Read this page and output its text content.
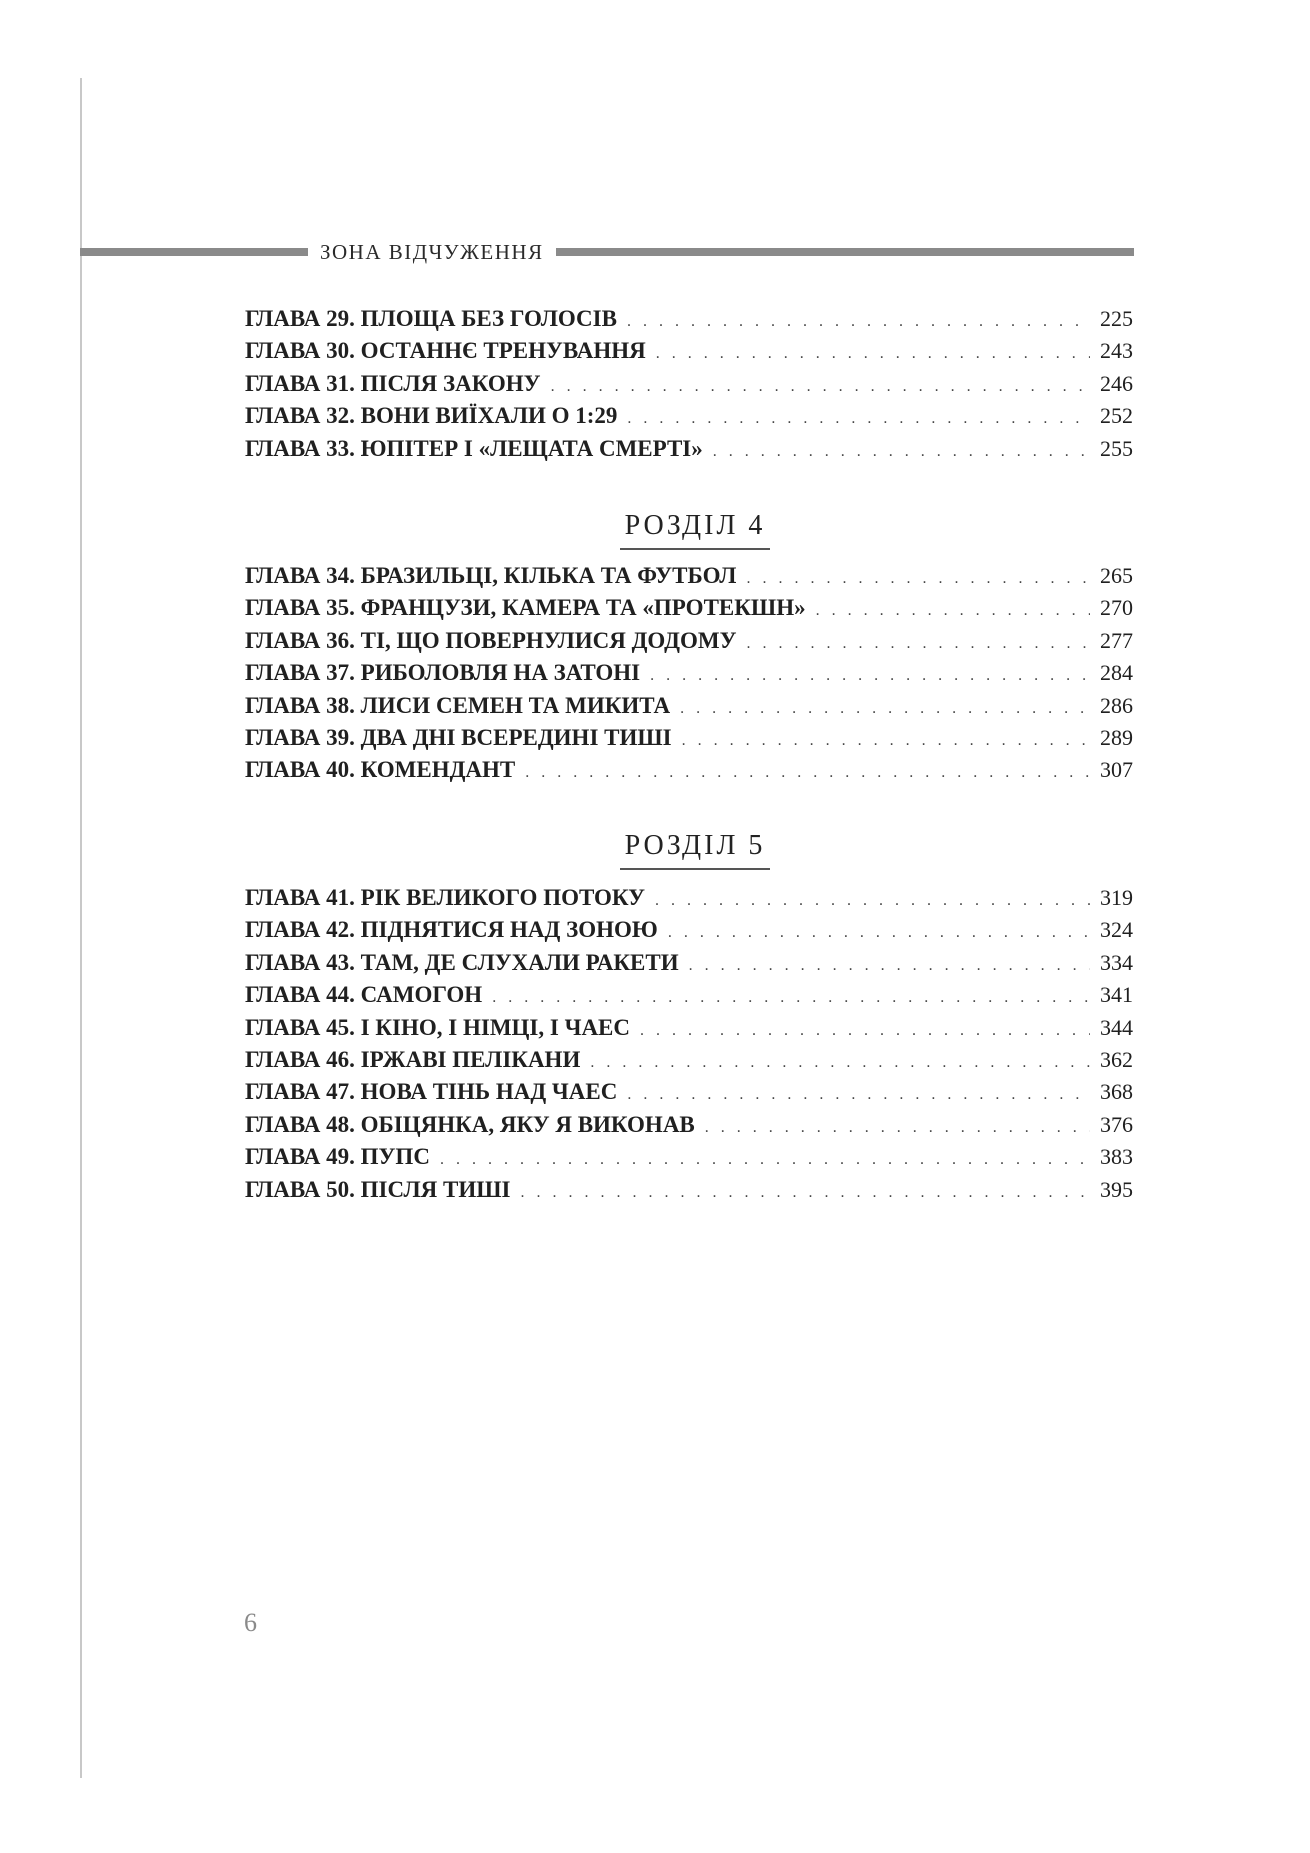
ЗОНА ВІДЧУЖЕННЯ
ГЛАВА 29. ПЛОЩА БЕЗ ГОЛОСІВ . . .	225
ГЛАВА 30. ОСТАННЄ ТРЕНУВАННЯ . . .	243
ГЛАВА 31. ПІСЛЯ ЗАКОНУ . . .	246
ГЛАВА 32. ВОНИ ВИЇХАЛИ О 1:29 . . .	252
ГЛАВА 33. ЮПІТЕР І «ЛЕЩАТА СМЕРТІ» . . .	255
РОЗДІЛ 4
ГЛАВА 34. БРАЗИЛЬЦІ, КІЛЬКА ТА ФУТБОЛ . . .	265
ГЛАВА 35. ФРАНЦУЗИ, КАМЕРА ТА «ПРОТЕКШН» . . .	270
ГЛАВА 36. ТІ, ЩО ПОВЕРНУЛИСЯ ДОДОМУ . . .	277
ГЛАВА 37. РИБОЛОВЛЯ НА ЗАТОНІ . . .	284
ГЛАВА 38. ЛИСИ СЕМЕН ТА МИКИТА . . .	286
ГЛАВА 39. ДВА ДНІ ВСЕРЕДИНІ ТИШІ . . .	289
ГЛАВА 40. КОМЕНДАНТ . . .	307
РОЗДІЛ 5
ГЛАВА 41. РІК ВЕЛИКОГО ПОТОКУ . . .	319
ГЛАВА 42. ПІДНЯТИСЯ НАД ЗОНОЮ . . .	324
ГЛАВА 43. ТАМ, ДЕ СЛУХАЛИ РАКЕТИ . . .	334
ГЛАВА 44. САМОГОН . . .	341
ГЛАВА 45. І КІНО, І НІМЦІ, І ЧАЕС . . .	344
ГЛАВА 46. ІРЖАВІ ПЕЛІКАНИ . . .	362
ГЛАВА 47. НОВА ТІНЬ НАД ЧАЕС . . .	368
ГЛАВА 48. ОБІЦЯНКА, ЯКУ Я ВИКОНАВ . . .	376
ГЛАВА 49. ПУПС . . .	383
ГЛАВА 50. ПІСЛЯ ТИШІ . . .	395
6
